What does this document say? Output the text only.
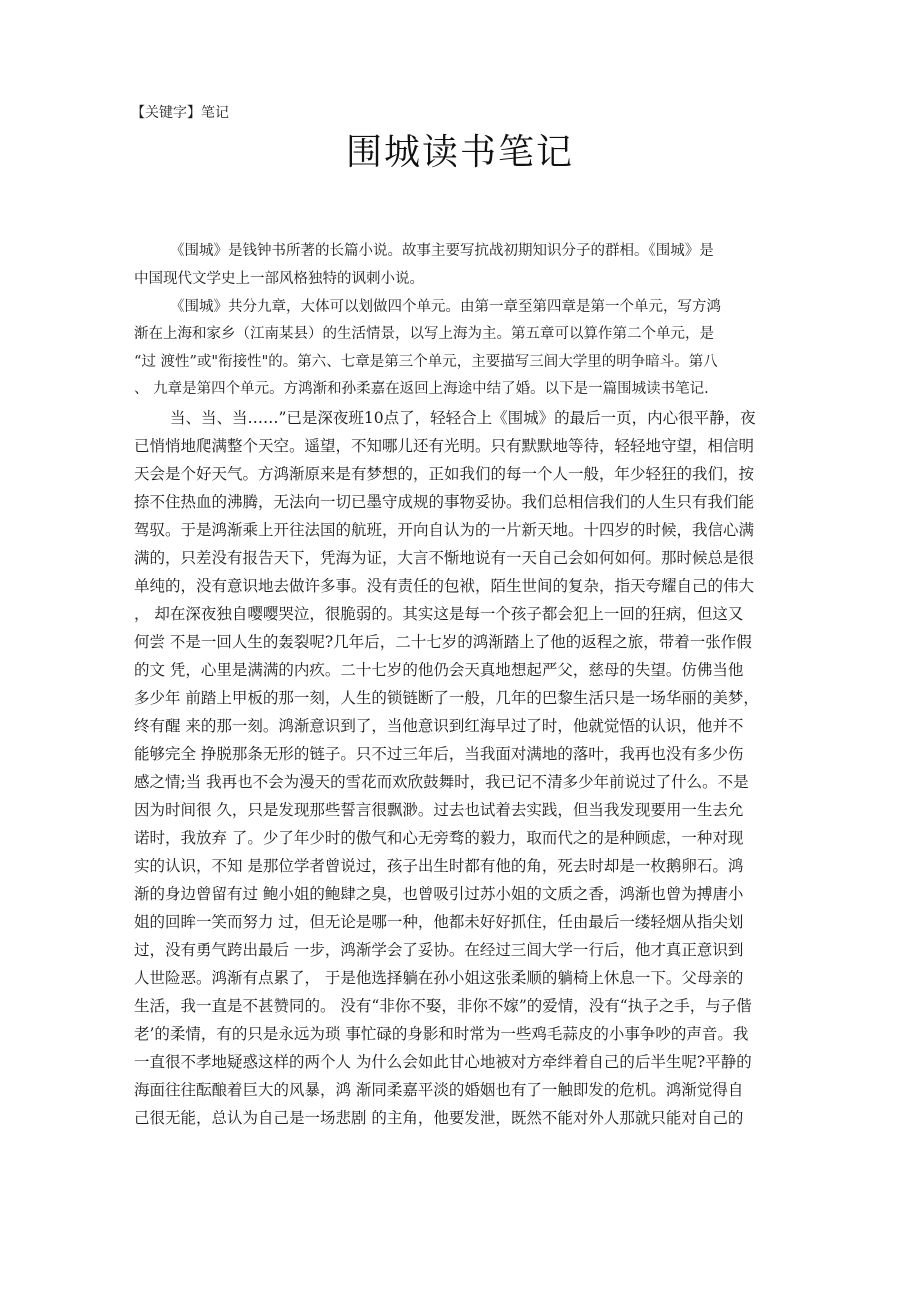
【关键字】笔记
围城读书笔记
《围城》是钱钟书所著的长篇小说。故事主要写抗战初期知识分子的群相。《围城》是
中国现代文学史上一部风格独特的讽刺小说。
《围城》共分九章，大体可以划做四个单元。由第一章至第四章是第一个单元，写方鸿
渐在上海和家乡（江南某县）的生活情景，以写上海为主。第五章可以算作第二个单元，是
“过 渡性”或"衔接性"的。第六、七章是第三个单元，主要描写三闾大学里的明争暗斗。第八
、 九章是第四个单元。方鸿渐和孙柔嘉在返回上海途中结了婚。以下是一篇围城读书笔记.
当、当、当……”已是深夜班10点了，轻轻合上《围城》的最后一页，内心很平静，夜
已悄悄地爬满整个天空。遥望，不知哪儿还有光明。只有默默地等待，轻轻地守望，相信明
天会是个好天气。方鸿渐原来是有梦想的，正如我们的每一个人一般，年少轻狂的我们，按
捺不住热血的沸腾，无法向一切已墨守成规的事物妥协。我们总相信我们的人生只有我们能
驾驭。于是鸿渐乘上开往法国的航班，开向自认为的一片新天地。十四岁的时候，我信心满
满的，只差没有报告天下，凭海为证，大言不惭地说有一天自己会如何如何。那时候总是很
单纯的，没有意识地去做许多事。没有责任的包袱，陌生世间的复杂，指天夸耀自己的伟大
， 却在深夜独自嘤嘤哭泣，很脆弱的。其实这是每一个孩子都会犯上一回的狂病，但这又
何尝 不是一回人生的轰裂呢?几年后，二十七岁的鸿渐踏上了他的返程之旅，带着一张作假
的文 凭，心里是满满的内疚。二十七岁的他仍会天真地想起严父，慈母的失望。仿佛当他
多少年 前踏上甲板的那一刻，人生的锁链断了一般，几年的巴黎生活只是一场华丽的美梦，
终有醒 来的那一刻。鸿渐意识到了，当他意识到红海早过了时，他就觉悟的认识，他并不
能够完全 挣脱那条无形的链子。只不过三年后，当我面对满地的落叶，我再也没有多少伤
感之情;当 我再也不会为漫天的雪花而欢欣鼓舞时，我已记不清多少年前说过了什么。不是
因为时间很 久，只是发现那些誓言很飘渺。过去也试着去实践，但当我发现要用一生去允
诺时，我放弃 了。少了年少时的傲气和心无旁骛的毅力，取而代之的是种顾虑，一种对现
实的认识，不知 是那位学者曾说过，孩子出生时都有他的角，死去时却是一枚鹅卵石。鸿
渐的身边曾留有过 鲍小姐的鲍肆之臭，也曾吸引过苏小姐的文质之香，鸿渐也曾为搏唐小
姐的回眸一笑而努力 过，但无论是哪一种，他都未好好抓住，任由最后一缕轻烟从指尖划
过，没有勇气跨出最后 一步，鸿渐学会了妥协。在经过三闾大学一行后，他才真正意识到
人世险恶。鸿渐有点累了， 于是他选择躺在孙小姐这张柔顺的躺椅上休息一下。父母亲的
生活，我一直是不甚赞同的。 没有“非你不娶，非你不嫁”的爱情，没有“执子之手，与子偕
老’的柔情，有的只是永远为琐 事忙碌的身影和时常为一些鸡毛蒜皮的小事争吵的声音。我
一直很不孝地疑惑这样的两个人 为什么会如此甘心地被对方牵绊着自己的后半生呢?平静的
海面往往酝酿着巨大的风暴，鸿 渐同柔嘉平淡的婚姻也有了一触即发的危机。鸿渐觉得自
己很无能，总认为自己是一场悲剧 的主角，他要发泄，既然不能对外人那就只能对自己的
